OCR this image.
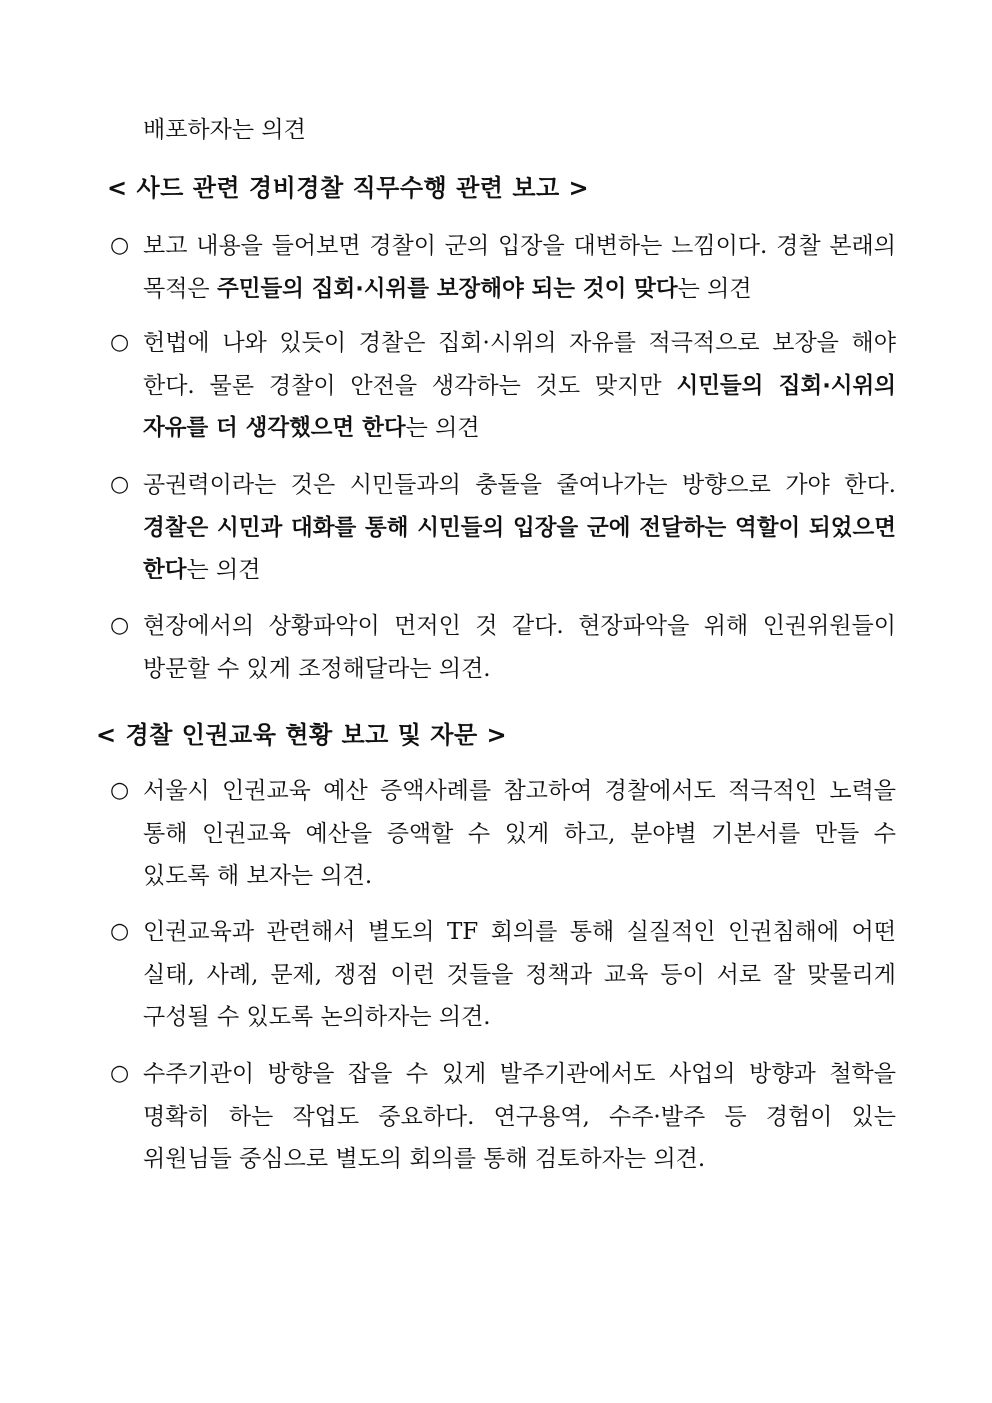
배포하자는 의견
< 사드 관련 경비경찰 직무수행 관련 보고 >
○ 보고 내용을 들어보면 경찰이 군의 입장을 대변하는 느낌이다. 경찰 본래의 목적은 주민들의 집회·시위를 보장해야 되는 것이 맞다는 의견
○ 헌법에 나와 있듯이 경찰은 집회·시위의 자유를 적극적으로 보장을 해야 한다. 물론 경찰이 안전을 생각하는 것도 맞지만 시민들의 집회·시위의 자유를 더 생각했으면 한다는 의견
○ 공권력이라는 것은 시민들과의 충돌을 줄여나가는 방향으로 가야 한다. 경찰은 시민과 대화를 통해 시민들의 입장을 군에 전달하는 역할이 되었으면 한다는 의견
○ 현장에서의 상황파악이 먼저인 것 같다. 현장파악을 위해 인권위원들이 방문할 수 있게 조정해달라는 의견.
< 경찰 인권교육 현황 보고 및 자문 >
○ 서울시 인권교육 예산 증액사례를 참고하여 경찰에서도 적극적인 노력을 통해 인권교육 예산을 증액할 수 있게 하고, 분야별 기본서를 만들 수 있도록 해 보자는 의견.
○ 인권교육과 관련해서 별도의 TF 회의를 통해 실질적인 인권침해에 어떤 실태, 사례, 문제, 쟁점 이런 것들을 정책과 교육 등이 서로 잘 맞물리게 구성될 수 있도록 논의하자는 의견.
○ 수주기관이 방향을 잡을 수 있게 발주기관에서도 사업의 방향과 철학을 명확히 하는 작업도 중요하다. 연구용역, 수주·발주 등 경험이 있는 위원님들 중심으로 별도의 회의를 통해 검토하자는 의견.
